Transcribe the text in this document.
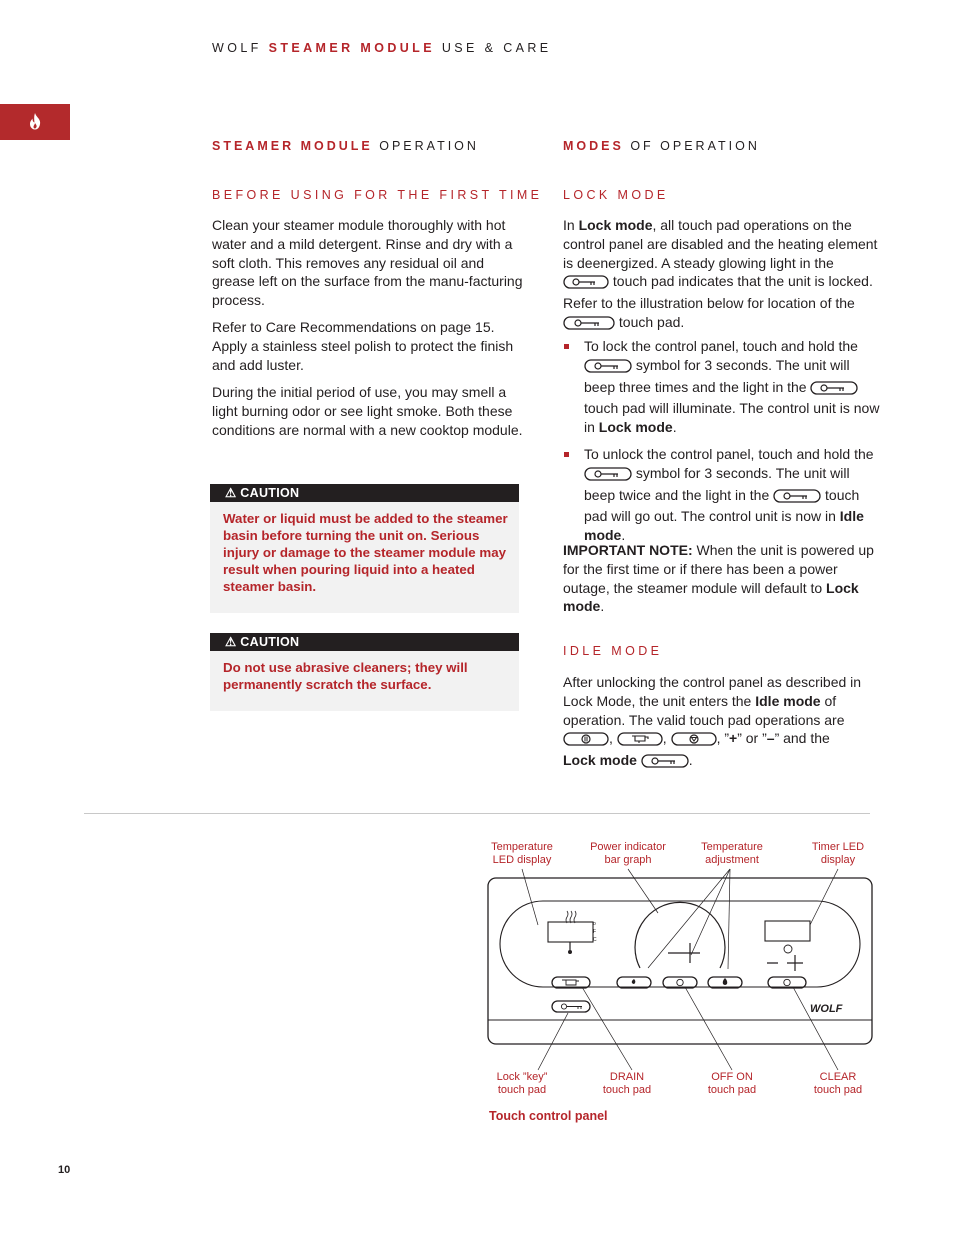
WOLF STEAMER MODULE USE & CARE
STEAMER MODULE OPERATION
BEFORE USING FOR THE FIRST TIME
Clean your steamer module thoroughly with hot water and a mild detergent. Rinse and dry with a soft cloth. This removes any residual oil and grease left on the surface from the manu-facturing process.
Refer to Care Recommendations on page 15. Apply a stainless steel polish to protect the finish and add luster.
During the initial period of use, you may smell a light burning odor or see light smoke. Both these conditions are normal with a new cooktop module.
⚠ CAUTION
Water or liquid must be added to the steamer basin before turning the unit on. Serious injury or damage to the steamer module may result when pouring liquid into a heated steamer basin.
⚠ CAUTION
Do not use abrasive cleaners; they will permanently scratch the surface.
MODES OF OPERATION
LOCK MODE
In Lock mode, all touch pad operations on the control panel are disabled and the heating element is deenergized. A steady glowing light in the  touch pad indicates that the unit is locked. Refer to the illustration below for location of the  touch pad.
To lock the control panel, touch and hold the  symbol for 3 seconds. The unit will beep three times and the light in the  touch pad will illuminate. The control unit is now in Lock mode.
To unlock the control panel, touch and hold the  symbol for 3 seconds. The unit will beep twice and the light in the	touch pad will go out. The control unit is now in Idle mode.
IMPORTANT NOTE: When the unit is powered up for the first time or if there has been a power outage, the steamer module will default to Lock mode.
IDLE MODE
After unlocking the control panel as described in Lock Mode, the unit enters the Idle mode of operation. The valid touch pad operations are ,	,	, ”+” or ”–” and the
Lock mode	.
Temperature
LED display
Power indicator
bar graph
Temperature
adjustment
Timer LED
display
o
F
C
WOLF
Lock ”key”
touch pad
DRAIN
touch pad
OFF ON
touch pad
CLEAR
touch pad
Touch control panel
10
